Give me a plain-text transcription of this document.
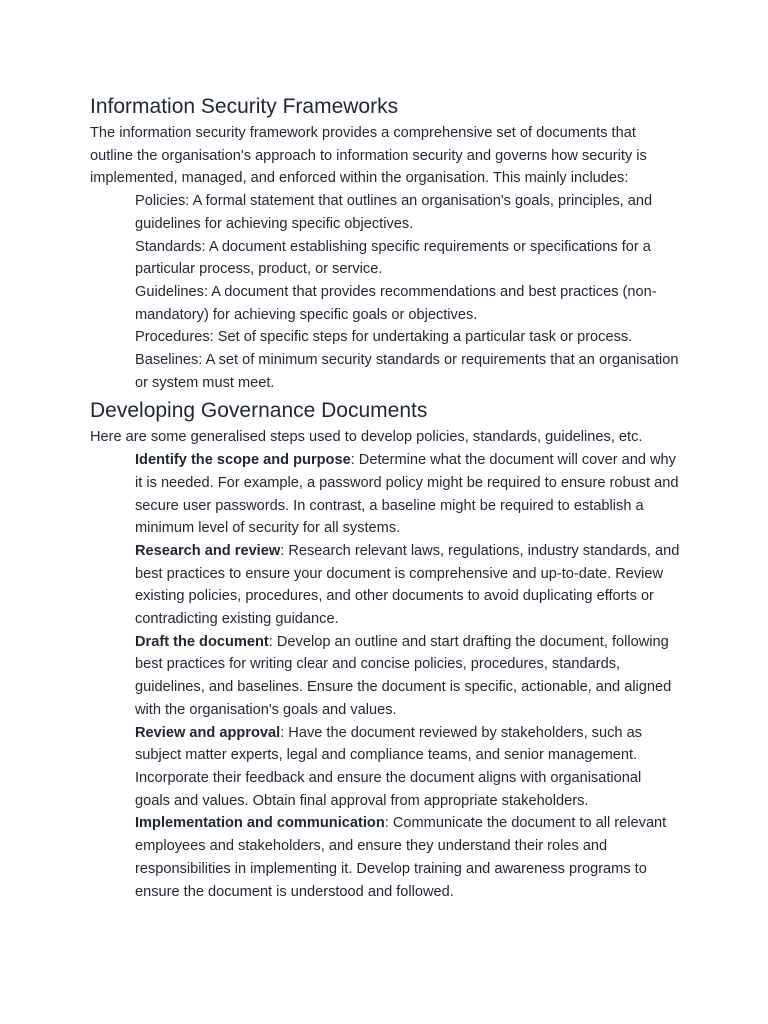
Information Security Frameworks

The information security framework provides a comprehensive set of documents that outline the organisation's approach to information security and governs how security is implemented, managed, and enforced within the organisation. This mainly includes:

Policies: A formal statement that outlines an organisation's goals, principles, and guidelines for achieving specific objectives.
Standards: A document establishing specific requirements or specifications for a particular process, product, or service.
Guidelines: A document that provides recommendations and best practices (non-mandatory) for achieving specific goals or objectives.
Procedures: Set of specific steps for undertaking a particular task or process.
Baselines: A set of minimum security standards or requirements that an organisation or system must meet.
Developing Governance Documents

Here are some generalised steps used to develop policies, standards, guidelines, etc.

Identify the scope and purpose: Determine what the document will cover and why it is needed. For example, a password policy might be required to ensure robust and secure user passwords. In contrast, a baseline might be required to establish a minimum level of security for all systems.
Research and review: Research relevant laws, regulations, industry standards, and best practices to ensure your document is comprehensive and up-to-date. Review existing policies, procedures, and other documents to avoid duplicating efforts or contradicting existing guidance.
Draft the document: Develop an outline and start drafting the document, following best practices for writing clear and concise policies, procedures, standards, guidelines, and baselines. Ensure the document is specific, actionable, and aligned with the organisation's goals and values.
Review and approval: Have the document reviewed by stakeholders, such as subject matter experts, legal and compliance teams, and senior management. Incorporate their feedback and ensure the document aligns with organisational goals and values. Obtain final approval from appropriate stakeholders.
Implementation and communication: Communicate the document to all relevant employees and stakeholders, and ensure they understand their roles and responsibilities in implementing it. Develop training and awareness programs to ensure the document is understood and followed.
